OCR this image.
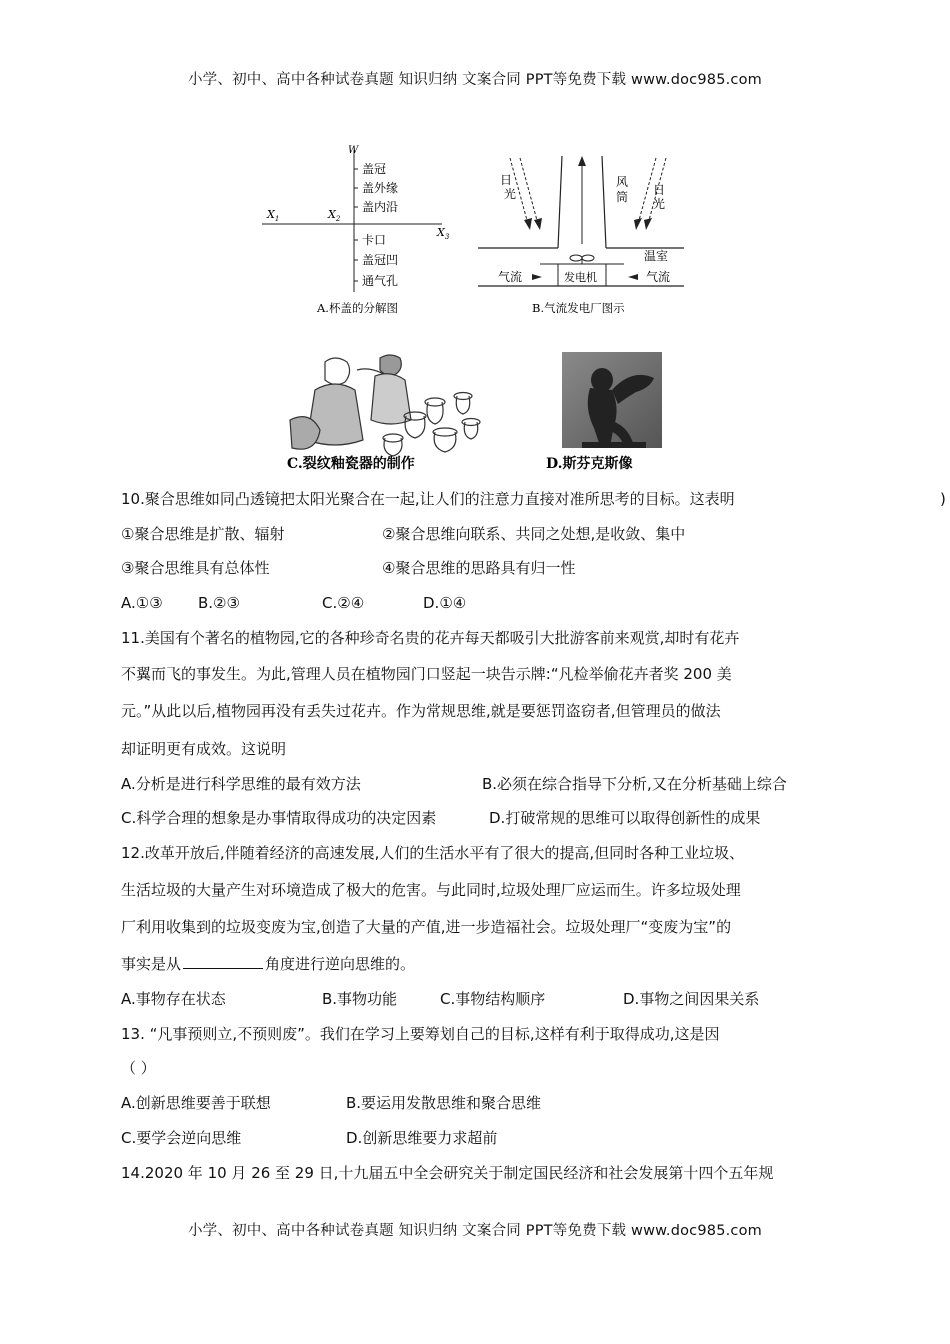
小学、初中、高中各种试卷真题 知识归纳 文案合同 PPT等免费下载 www.doc985.com
W
$X_1$	$X_2$
$X_3$
盖冠
盖外缘
盖内沿
卡口
盖冠凹
通气孔
A.杯盖的分解图
日
光
风
筒 日
光
温室
气流	发电机	气流
B.气流发电厂图示
C.裂纹釉瓷器的制作	D.斯芬克斯像
10.聚合思维如同凸透镜把太阳光聚合在一起,让人们的注意力直接对准所思考的目标。这表明	)
①聚合思维是扩散、辐射	②聚合思维向联系、共同之处想,是收敛、集中
③聚合思维具有总体性	④聚合思维的思路具有归一性
A.①③ B.②③	C.②④	D.①④
11.美国有个著名的植物园,它的各种珍奇名贵的花卉每天都吸引大批游客前来观赏,却时有花卉
不翼而飞的事发生。为此,管理人员在植物园门口竖起一块告示牌:“凡检举偷花卉者奖 200 美
元。”从此以后,植物园再没有丢失过花卉。作为常规思维,就是要惩罚盗窃者,但管理员的做法
却证明更有成效。这说明
A.分析是进行科学思维的最有效方法	B.必须在综合指导下分析,又在分析基础上综合
C.科学合理的想象是办事情取得成功的决定因素	D.打破常规的思维可以取得创新性的成果
12.改革开放后,伴随着经济的高速发展,人们的生活水平有了很大的提高,但同时各种工业垃圾、
生活垃圾的大量产生对环境造成了极大的危害。与此同时,垃圾处理厂应运而生。许多垃圾处理
厂利用收集到的垃圾变废为宝,创造了大量的产值,进一步造福社会。垃圾处理厂“变废为宝”的
事实是从	角度进行逆向思维的。
A.事物存在状态	B.事物功能	C.事物结构顺序	D.事物之间因果关系
13. “凡事预则立,不预则废”。我们在学习上要筹划自己的目标,这样有利于取得成功,这是因
（ ）
A.创新思维要善于联想	B.要运用发散思维和聚合思维
C.要学会逆向思维	D.创新思维要力求超前
14.2020 年 10 月 26 至 29 日,十九届五中全会研究关于制定国民经济和社会发展第十四个五年规
小学、初中、高中各种试卷真题 知识归纳 文案合同 PPT等免费下载 www.doc985.com
